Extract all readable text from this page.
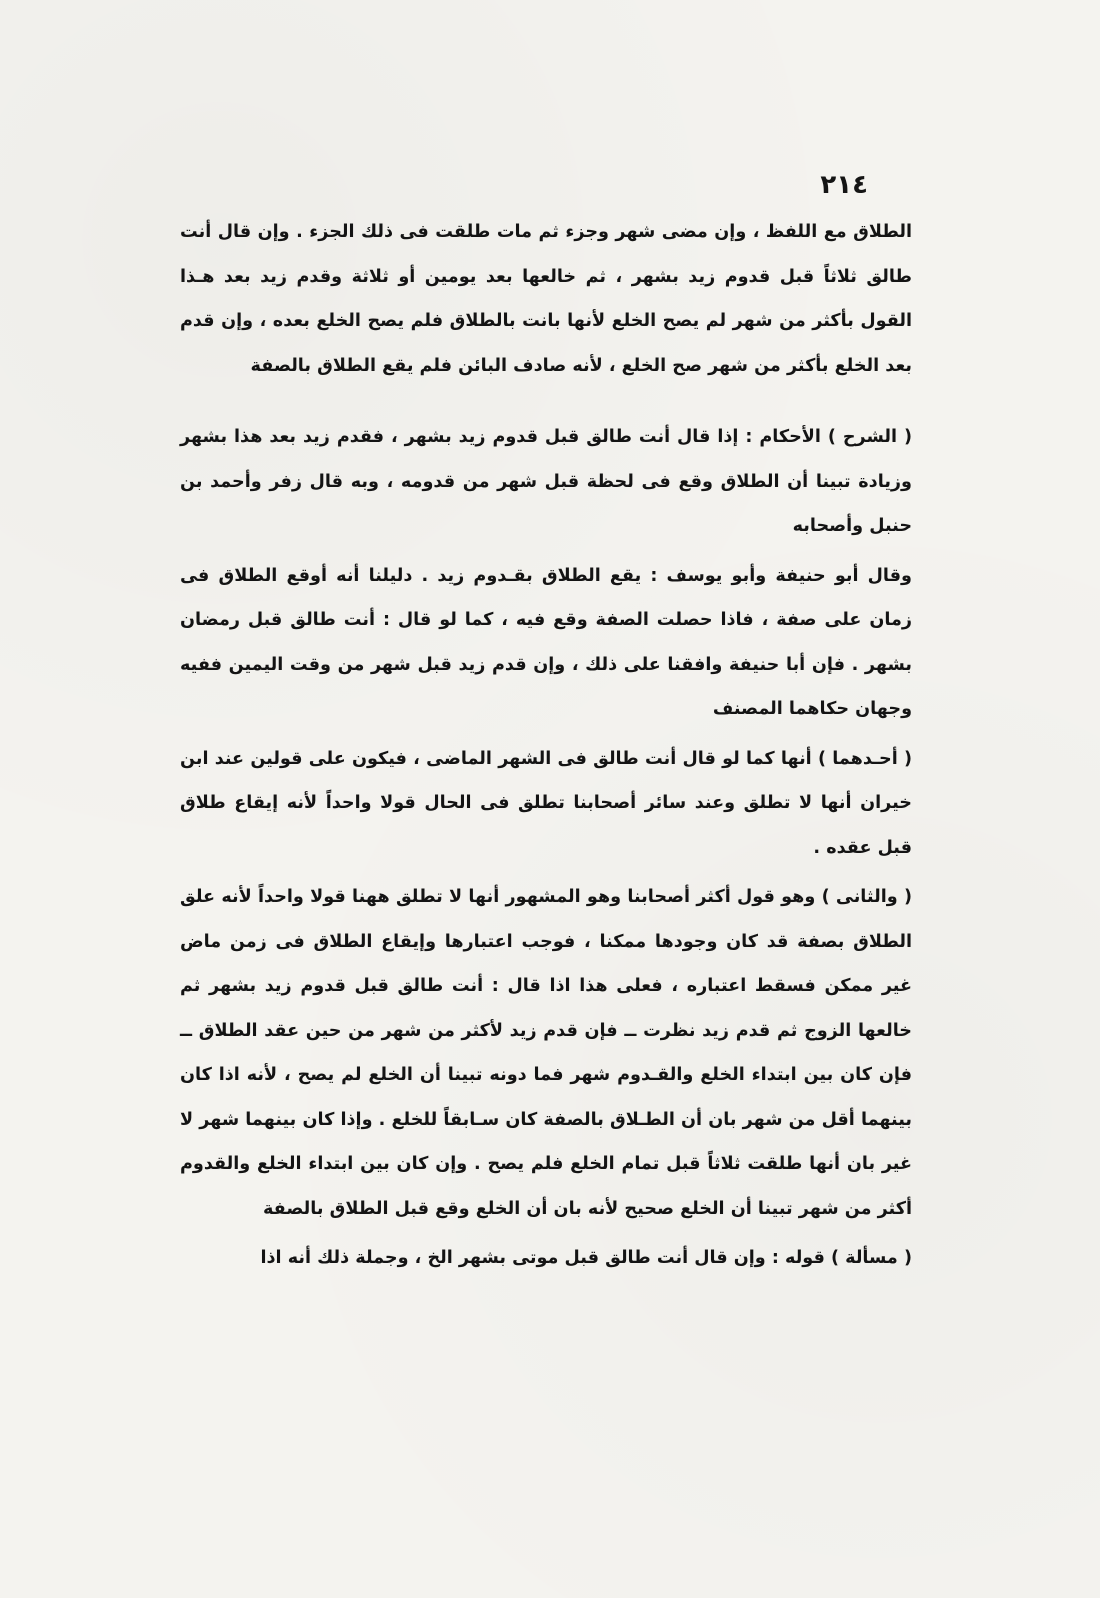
٢١٤

الطلاق مع اللفظ ، وإن مضى شهر وجزء ثم مات طلقت فى ذلك الجزء . وإن قال أنت طالق ثلاثاً قبل قدوم زيد بشهر ، ثم خالعها بعد يومين أو ثلاثة وقدم زيد بعد هـذا القول بأكثر من شهر لم يصح الخلع لأنها بانت بالطلاق فلم يصح الخلع بعده ، وإن قدم بعد الخلع بأكثر من شهر صح الخلع ، لأنه صادف البائن فلم يقع الطلاق بالصفة

( الشرح ) الأحكام : إذا قال أنت طالق قبل قدوم زيد بشهر ، فقدم زيد بعد هذا بشهر وزيادة تبينا أن الطلاق وقع فى لحظة قبل شهر من قدومه ، وبه قال زفر وأحمد بن حنبل وأصحابه

وقال أبو حنيفة وأبو يوسف : يقع الطلاق بقـدوم زيد . دليلنا أنه أوقع الطلاق فى زمان على صفة ، فاذا حصلت الصفة وقع فيه ، كما لو قال : أنت طالق قبل رمضان بشهر . فإن أبا حنيفة وافقنا على ذلك ، وإن قدم زيد قبل شهر من وقت اليمين ففيه وجهان حكاهما المصنف

( أحـدهما ) أنها كما لو قال أنت طالق فى الشهر الماضى ، فيكون على قولين عند ابن خيران أنها لا تطلق وعند سائر أصحابنا تطلق فى الحال قولا واحداً لأنه إيقاع طلاق قبل عقده .

( والثانى ) وهو قول أكثر أصحابنا وهو المشهور أنها لا تطلق ههنا قولا واحداً لأنه علق الطلاق بصفة قد كان وجودها ممكنا ، فوجب اعتبارها وإيقاع الطلاق فى زمن ماض غير ممكن فسقط اعتباره ، فعلى هذا اذا قال : أنت طالق قبل قدوم زيد بشهر ثم خالعها الزوج ثم قدم زيد نظرت ــ فإن قدم زيد لأكثر من شهر من حين عقد الطلاق ــ فإن كان بين ابتداء الخلع والقـدوم شهر فما دونه تبينا أن الخلع لم يصح ، لأنه اذا كان بينهما أقل من شهر بان أن الطـلاق بالصفة كان سـابقاً للخلع . وإذا كان بينهما شهر لا غير بان أنها طلقت ثلاثاً قبل تمام الخلع فلم يصح . وإن كان بين ابتداء الخلع والقدوم أكثر من شهر تبينا أن الخلع صحيح لأنه بان أن الخلع وقع قبل الطلاق بالصفة

( مسألة ) قوله : وإن قال أنت طالق قبل موتى بشهر الخ ، وجملة ذلك أنه اذا
